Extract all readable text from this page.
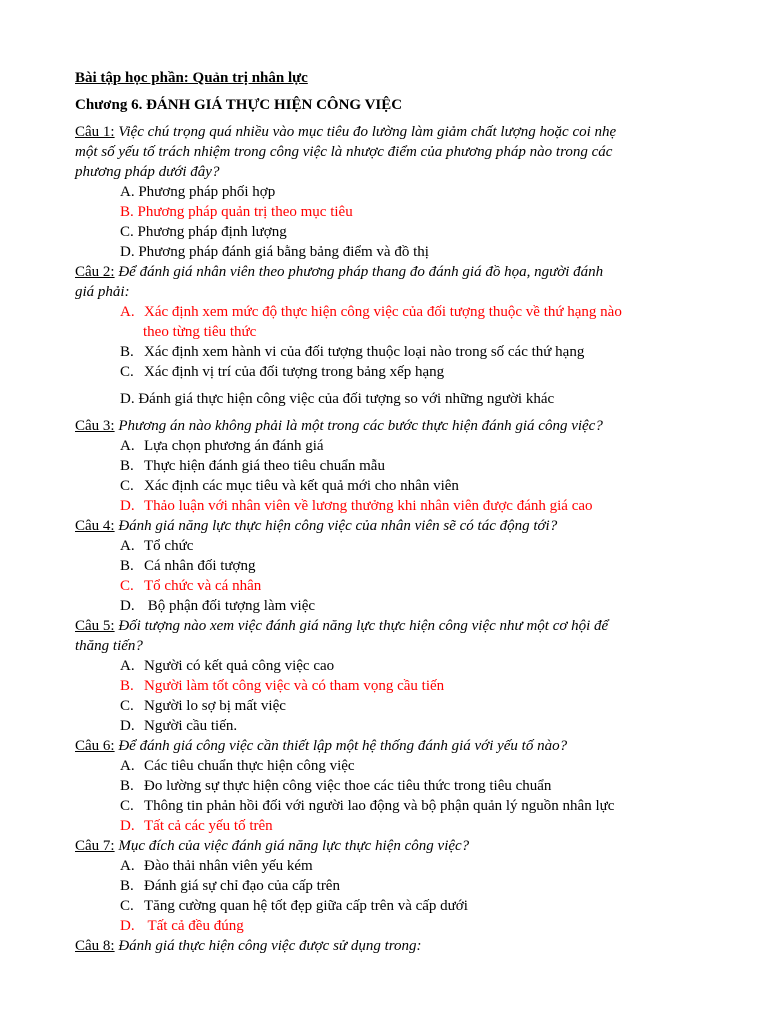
Bài tập học phần: Quản trị nhân lực
Chương 6. ĐÁNH GIÁ THỰC HIỆN CÔNG VIỆC
Câu 1: Việc chú trọng quá nhiều vào mục tiêu đo lường làm giảm chất lượng hoặc coi nhẹ
một số yếu tố trách nhiệm trong công việc là nhược điểm của phương pháp nào trong các
phương pháp dưới đây?
A. Phương pháp phối hợp
B. Phương pháp quản trị theo mục tiêu
C. Phương pháp định lượng
D. Phương pháp đánh giá bằng bảng điểm và đồ thị
Câu 2: Để đánh giá nhân viên theo phương pháp thang đo đánh giá đồ họa, người đánh
giá phải:
A. Xác định xem mức độ thực hiện công việc của đối tượng thuộc về thứ hạng nào
theo từng tiêu thức
B. Xác định xem hành vi của đối tượng thuộc loại nào trong số các thứ hạng
C. Xác định vị trí của đối tượng trong bảng xếp hạng
D. Đánh giá thực hiện công việc của đối tượng so với những người khác
Câu 3: Phương án nào không phải là một trong các bước thực hiện đánh giá công việc?
A. Lựa chọn phương án đánh giá
B. Thực hiện đánh giá theo tiêu chuẩn mẫu
C. Xác định các mục tiêu và kết quả mới cho nhân viên
D. Thảo luận với nhân viên về lương thưởng khi nhân viên được đánh giá cao
Câu 4: Đánh giá năng lực thực hiện công việc của nhân viên sẽ có tác động tới?
A. Tổ chức
B. Cá nhân đối tượng
C. Tổ chức và cá nhân
D. Bộ phận đối tượng làm việc
Câu 5: Đối tượng nào xem việc đánh giá năng lực thực hiện công việc như một cơ hội để
thăng tiến?
A. Người có kết quả công việc cao
B. Người làm tốt công việc và có tham vọng cầu tiến
C. Người lo sợ bị mất việc
D. Người cầu tiến.
Câu 6: Để đánh giá công việc cần thiết lập một hệ thống đánh giá với yếu tố nào?
A. Các tiêu chuẩn thực hiện công việc
B. Đo lường sự thực hiện công việc thoe các tiêu thức trong tiêu chuẩn
C. Thông tin phản hồi đối với người lao động và bộ phận quản lý nguồn nhân lực
D. Tất cả các yếu tố trên
Câu 7: Mục đích của việc đánh giá năng lực thực hiện công việc?
A. Đào thải nhân viên yếu kém
B. Đánh giá sự chỉ đạo của cấp trên
C. Tăng cường quan hệ tốt đẹp giữa cấp trên và cấp dưới
D. Tất cả đều đúng
Câu 8: Đánh giá thực hiện công việc được sử dụng trong:
